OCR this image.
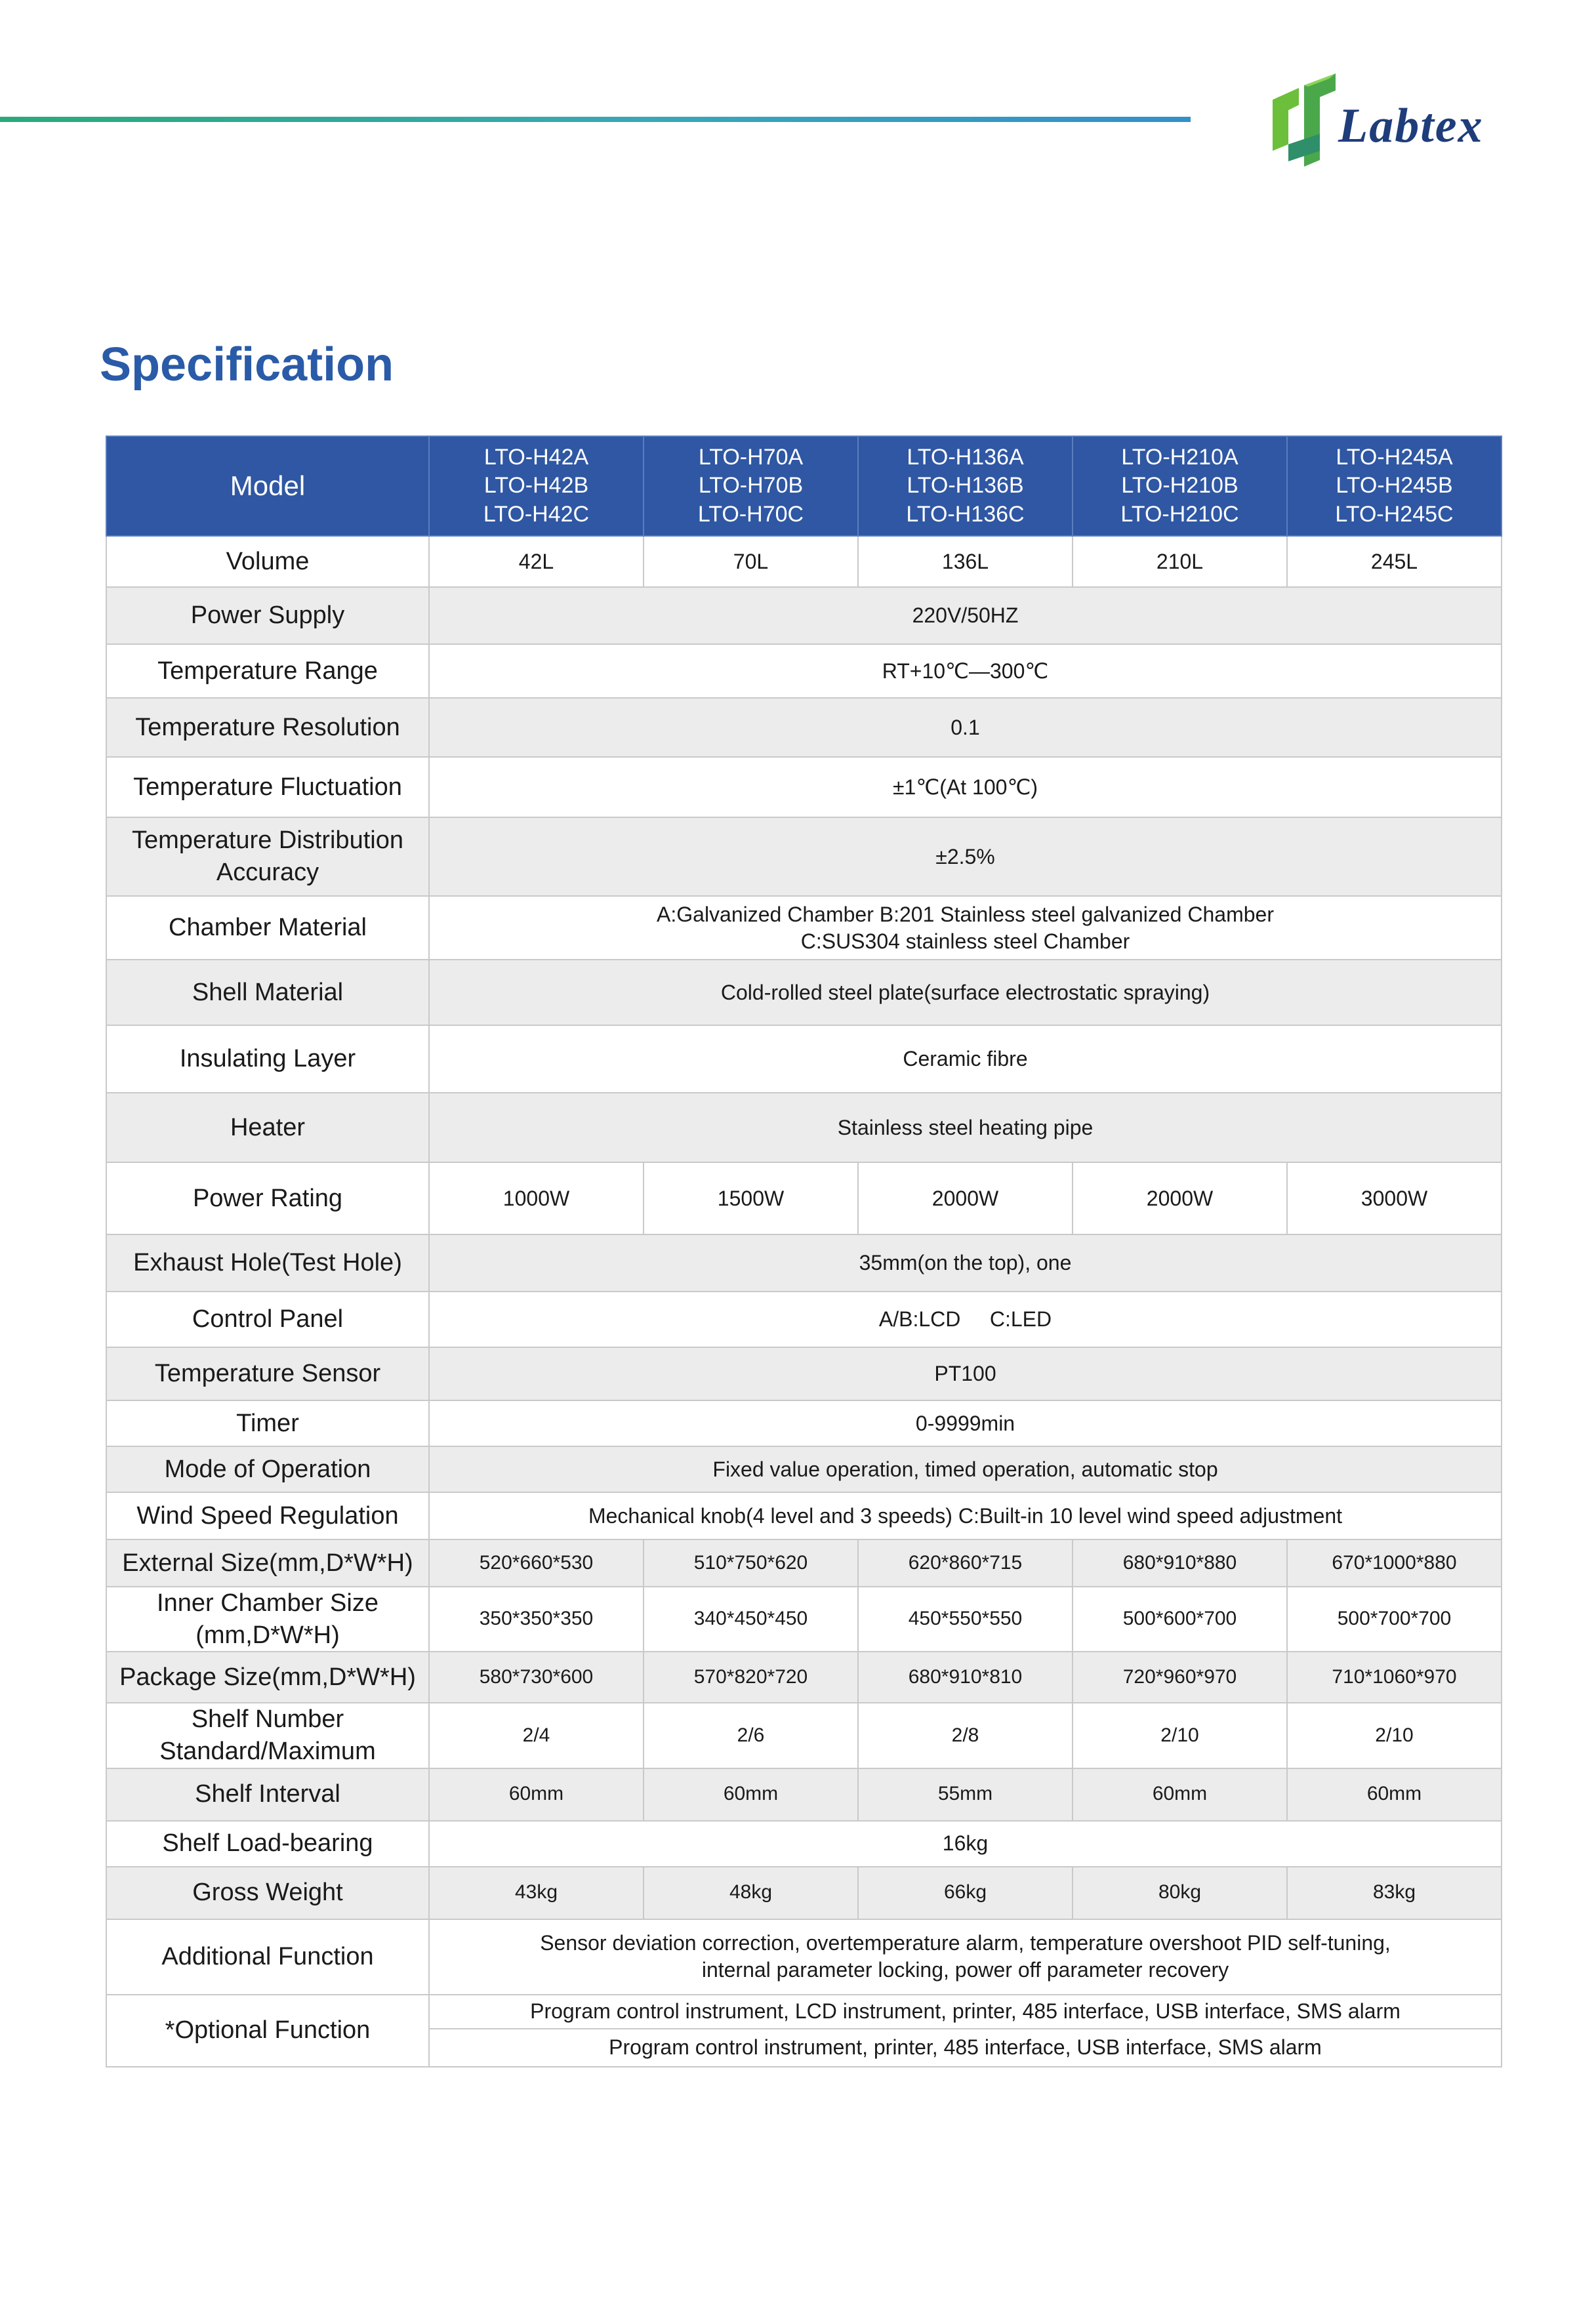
Labtex
Specification
Model	LTO-H42A
LTO-H42B
LTO-H42C	LTO-H70A
LTO-H70B
LTO-H70C	LTO-H136A
LTO-H136B
LTO-H136C	LTO-H210A
LTO-H210B
LTO-H210C	LTO-H245A
LTO-H245B
LTO-H245C

Volume	42L	70L	136L	210L	245L
Power Supply	220V/50HZ				
Temperature Range	RT+10℃—300℃				
Temperature Resolution	0.1				
Temperature Fluctuation	±1℃(At 100℃)				

Temperature Distribution
Accuracy	±2.5%				
Chamber Material	A:Galvanized Chamber B:201 Stainless steel galvanized Chamber
C:SUS304 stainless steel Chamber				

Shell Material	Cold-rolled steel plate(surface electrostatic spraying)				
Insulating Layer	Ceramic fibre				
Heater	Stainless steel heating pipe				
Power Rating	1000W	1500W	2000W	2000W	3000W
Exhaust Hole(Test Hole)	35mm(on the top), one				
Control Panel	A/B:LCD     C:LED				
Temperature Sensor	PT100				
Timer	0-9999min				
Mode of Operation	Fixed value operation, timed operation, automatic stop				
Wind Speed Regulation	Mechanical knob(4 level and 3 speeds) C:Built-in 10 level wind speed adjustment				
External Size(mm,D*W*H)	520*660*530	510*750*620	620*860*715	680*910*880	670*1000*880

Inner Chamber Size
(mm,D*W*H)	350*350*350	340*450*450	450*550*550	500*600*700	500*700*700
Package Size(mm,D*W*H)	580*730*600	570*820*720	680*910*810	720*960*970	710*1060*970

Shelf Number
Standard/Maximum	2/4	2/6	2/8	2/10	2/10
Shelf Interval	60mm	60mm	55mm	60mm	60mm
Shelf Load-bearing	16kg				
Gross Weight	43kg	48kg	66kg	80kg	83kg
Additional Function	Sensor deviation correction, overtemperature alarm, temperature overshoot PID self-tuning,
internal parameter locking, power off parameter recovery				

*Optional Function	Program control instrument, LCD instrument, printer, 485 interface, USB interface, SMS alarm				
	Program control instrument, printer, 485 interface, USB interface, SMS alarm				
